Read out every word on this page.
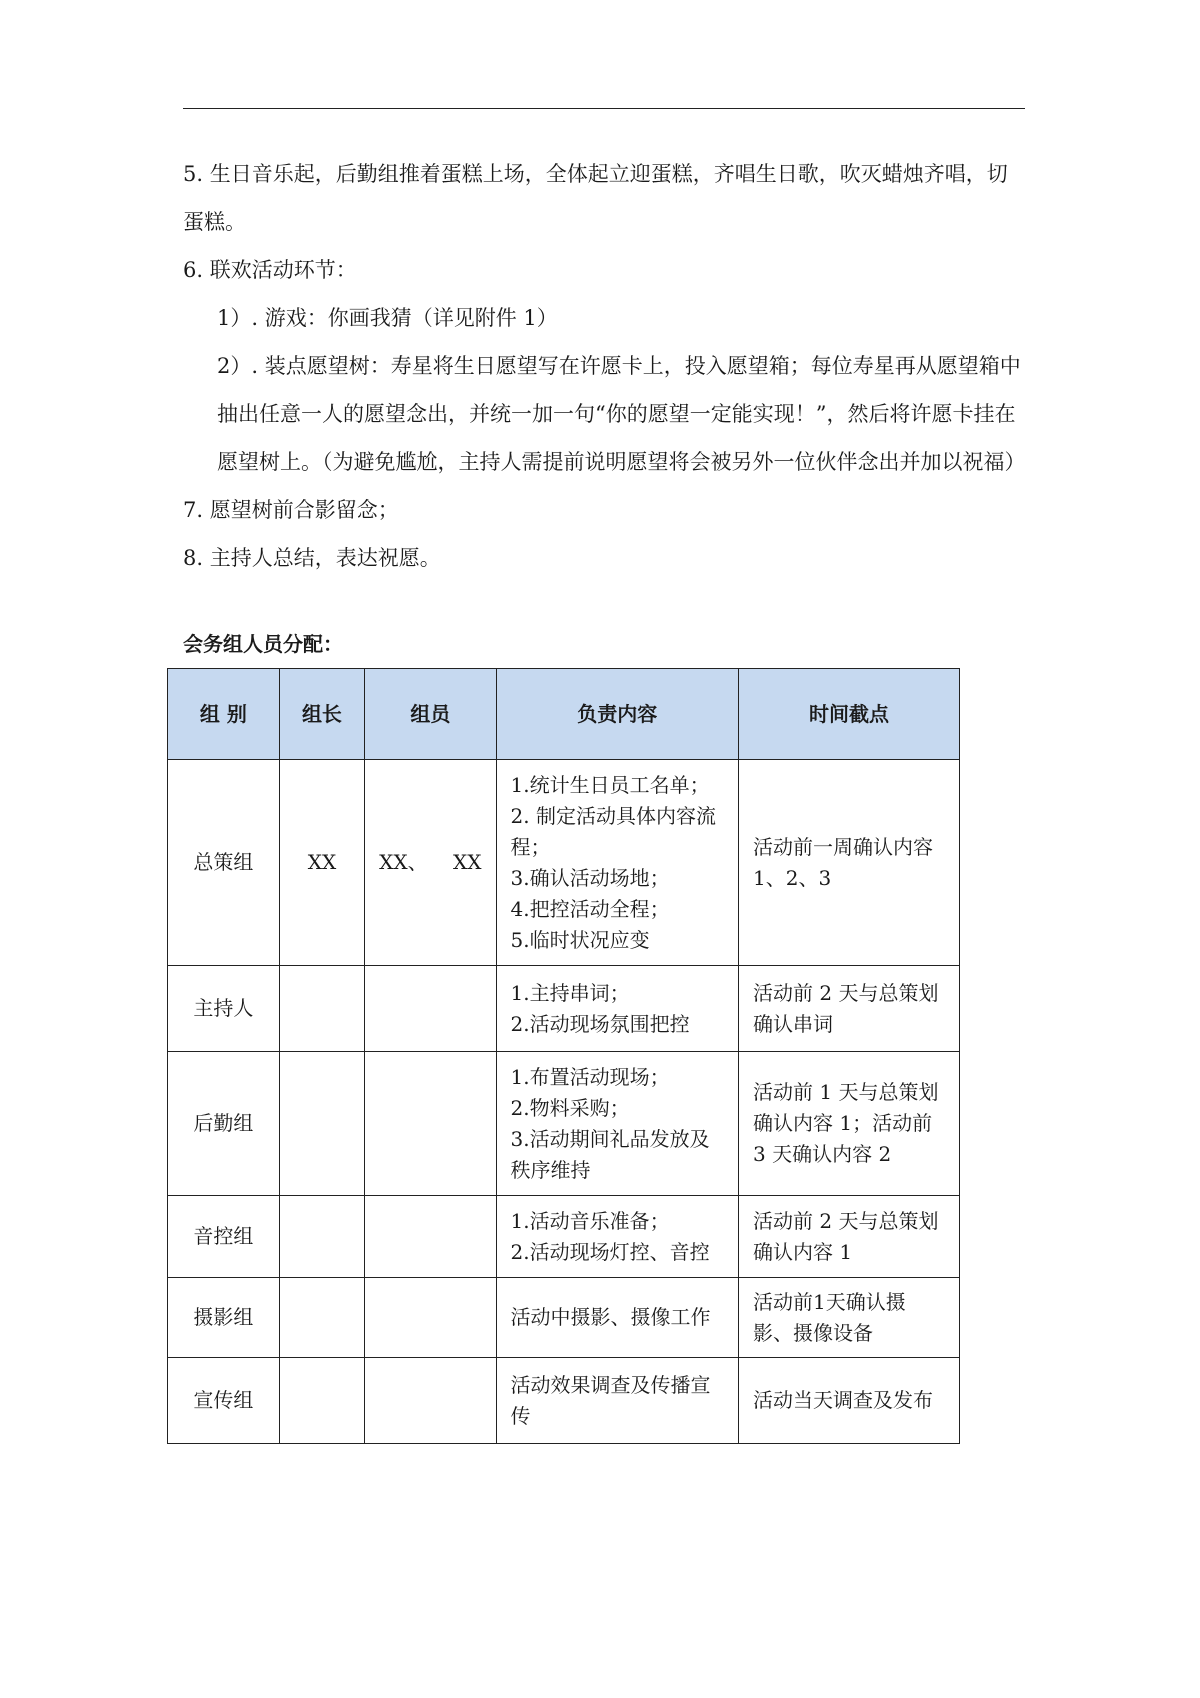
5. 生日音乐起，后勤组推着蛋糕上场，全体起立迎蛋糕，齐唱生日歌，吹灭蜡烛齐唱，切蛋糕。

6. 联欢活动环节：

1）. 游戏：你画我猜（详见附件 1）

2）. 装点愿望树：寿星将生日愿望写在许愿卡上，投入愿望箱；每位寿星再从愿望箱中抽出任意一人的愿望念出，并统一加一句“你的愿望一定能实现！”，然后将许愿卡挂在愿望树上。（为避免尴尬，主持人需提前说明愿望将会被另外一位伙伴念出并加以祝福）

7. 愿望树前合影留念；

8. 主持人总结，表达祝愿。

会务组人员分配：
组 别	组长	组员	负责内容	时间截点
总策组	XX	XX、    XX	1.统计生日员工名单；
2. 制定活动具体内容流程；
3.确认活动场地；
4.把控活动全程；
5.临时状况应变	活动前一周确认内容1、2、3
主持人			1.主持串词；
2.活动现场氛围把控	活动前 2 天与总策划确认串词
后勤组			1.布置活动现场；
2.物料采购；
3.活动期间礼品发放及秩序维持	活动前 1 天与总策划确认内容 1；活动前 3 天确认内容 2
音控组			1.活动音乐准备；
2.活动现场灯控、音控	活动前 2 天与总策划确认内容 1
摄影组			活动中摄影、摄像工作	活动前1天确认摄影、摄像设备
宣传组			活动效果调查及传播宣传	活动当天调查及发布
